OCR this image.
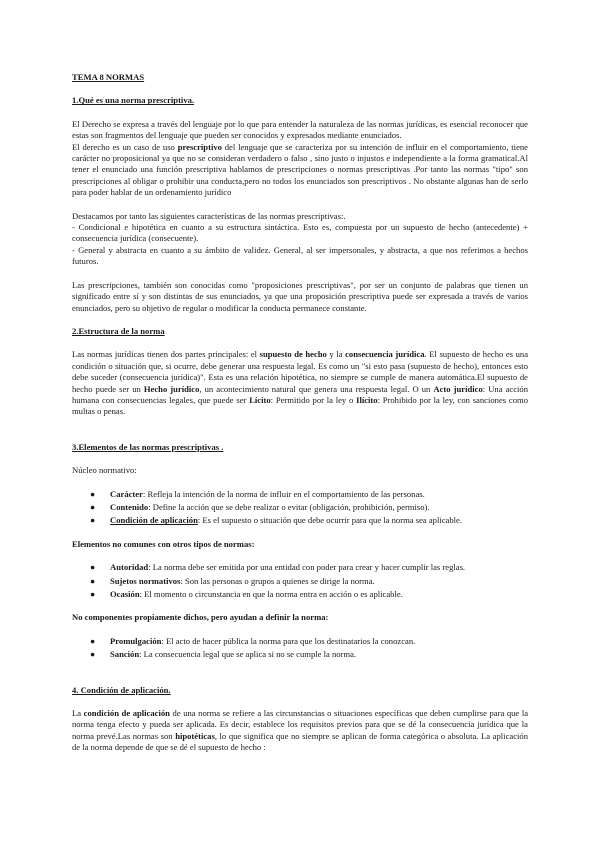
TEMA 8 NORMAS
1.Qué es una norma prescriptiva.

El Derecho se expresa a través del lenguaje por lo que para entender la naturaleza de las normas jurídicas, es esencial reconocer que estas son fragmentos del lenguaje que pueden ser conocidos y expresados mediante enunciados.

El derecho es un caso de uso prescriptivo del lenguaje que se caracteriza por su intención de influir en el comportamiento, tiene carácter no proposicional ya que no se consideran verdadero o falso , sino justo o injustos e independiente a la forma gramatical.Al tener el enunciado una función prescriptiva hablamos de prescripciones o normas prescriptivas .Por tanto las normas "tipo" son prescripciones al obligar o prohibir una conducta,pero no todos los enunciados son prescriptivos . No obstante algunas han de serlo para poder hablar de un ordenamiento jurídico

Destacamos por tanto las siguientes características de las normas prescriptivas:.

- Condicional e hipotética en cuanto a su estructura sintáctica. Esto es, compuesta por un supuesto de hecho (antecedente) + consecuencia jurídica (consecuente).

- General y abstracta en cuanto a su ámbito de validez. General, al ser impersonales, y abstracta, a que nos referimos a hechos futuros.

Las prescripciones, también son conocidas como "proposiciones prescriptivas", por ser un conjunto de palabras que tienen un significado entre sí y son distintas de sus enunciados, ya que una proposición prescriptiva puede ser expresada a través de varios enunciados, pero su objetivo de regular o modificar la conducta permanece constante.

2.Estructura de la norma

Las normas jurídicas tienen dos partes principales: el supuesto de hecho y la consecuencia jurídica. El supuesto de hecho es una condición o situación que, si ocurre, debe generar una respuesta legal. Es como un "si esto pasa (supuesto de hecho), entonces esto debe suceder (consecuencia jurídica)". Esta es una relación hipotética, no siempre se cumple de manera automática.El supuesto de hecho puede ser un Hecho jurídico, un acontecimiento natural que genera una respuesta legal. O un Acto jurídico: Una acción humana con consecuencias legales, que puede ser Lícito: Permitido por la ley o Ilícito: Prohibido por la ley, con sanciones como multas o penas.

3.Elementos de las normas prescriptivas .

Núcleo normativo:

● Carácter: Refleja la intención de la norma de influir en el comportamiento de las personas.
● Contenido: Define la acción que se debe realizar o evitar (obligación, prohibición, permiso).
● Condición de aplicación: Es el supuesto o situación que debe ocurrir para que la norma sea aplicable.

Elementos no comunes con otros tipos de normas:

● Autoridad: La norma debe ser emitida por una entidad con poder para crear y hacer cumplir las reglas.
● Sujetos normativos: Son las personas o grupos a quienes se dirige la norma.
● Ocasión: El momento o circunstancia en que la norma entra en acción o es aplicable.

No componentes propiamente dichos, pero ayudan a definir la norma:

● Promulgación: El acto de hacer pública la norma para que los destinatarios la conozcan.
● Sanción: La consecuencia legal que se aplica si no se cumple la norma.
4. Condición de aplicación.

La condición de aplicación de una norma se refiere a las circunstancias o situaciones específicas que deben cumplirse para que la norma tenga efecto y pueda ser aplicada. Es decir, establece los requisitos previos para que se dé la consecuencia jurídica que la norma prevé.Las normas son hipotéticas, lo que significa que no siempre se aplican de forma categórica o absoluta. La aplicación de la norma depende de que se dé el supuesto de hecho :
